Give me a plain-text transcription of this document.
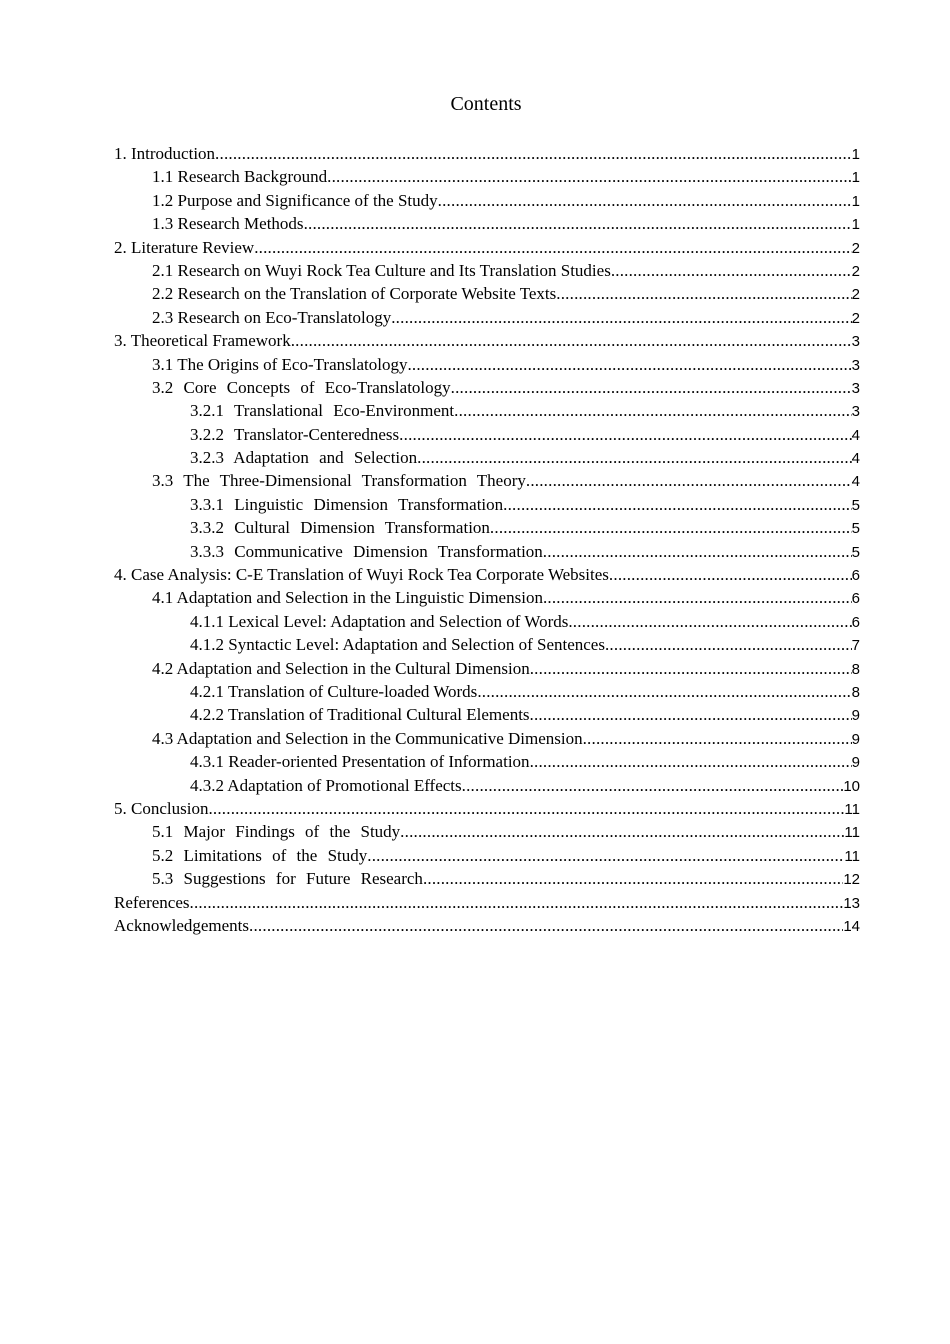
Contents
1. Introduction .....	1
1.1 Research Background .....	1
1.2 Purpose and Significance of the Study .....	1
1.3 Research Methods .....	1
2. Literature Review .....	2
2.1 Research on Wuyi Rock Tea Culture and Its Translation Studies .....	2
2.2 Research on the Translation of Corporate Website Texts .....	2
2.3 Research on Eco-Translatology .....	2
3. Theoretical Framework .....	3
3.1 The Origins of Eco-Translatology .....	3
3.2 Core Concepts of Eco-Translatology .....	3
3.2.1 Translational Eco-Environment .....	3
3.2.2 Translator-Centeredness .....	4
3.2.3 Adaptation and Selection .....	4
3.3 The Three-Dimensional Transformation Theory .....	4
3.3.1 Linguistic Dimension Transformation .....	5
3.3.2 Cultural Dimension Transformation .....	5
3.3.3 Communicative Dimension Transformation .....	5
4. Case Analysis: C-E Translation of Wuyi Rock Tea Corporate Websites .....	6
4.1 Adaptation and Selection in the Linguistic Dimension .....	6
4.1.1 Lexical Level: Adaptation and Selection of Words .....	6
4.1.2 Syntactic Level: Adaptation and Selection of Sentences .....	7
4.2 Adaptation and Selection in the Cultural Dimension .....	8
4.2.1 Translation of Culture-loaded Words .....	8
4.2.2 Translation of Traditional Cultural Elements .....	9
4.3 Adaptation and Selection in the Communicative Dimension .....	9
4.3.1 Reader-oriented Presentation of Information .....	9
4.3.2 Adaptation of Promotional Effects .....	10
5. Conclusion .....	11
5.1 Major Findings of the Study .....	11
5.2 Limitations of the Study .....	11
5.3 Suggestions for Future Research .....	12
References .....	13
Acknowledgements .....	14
